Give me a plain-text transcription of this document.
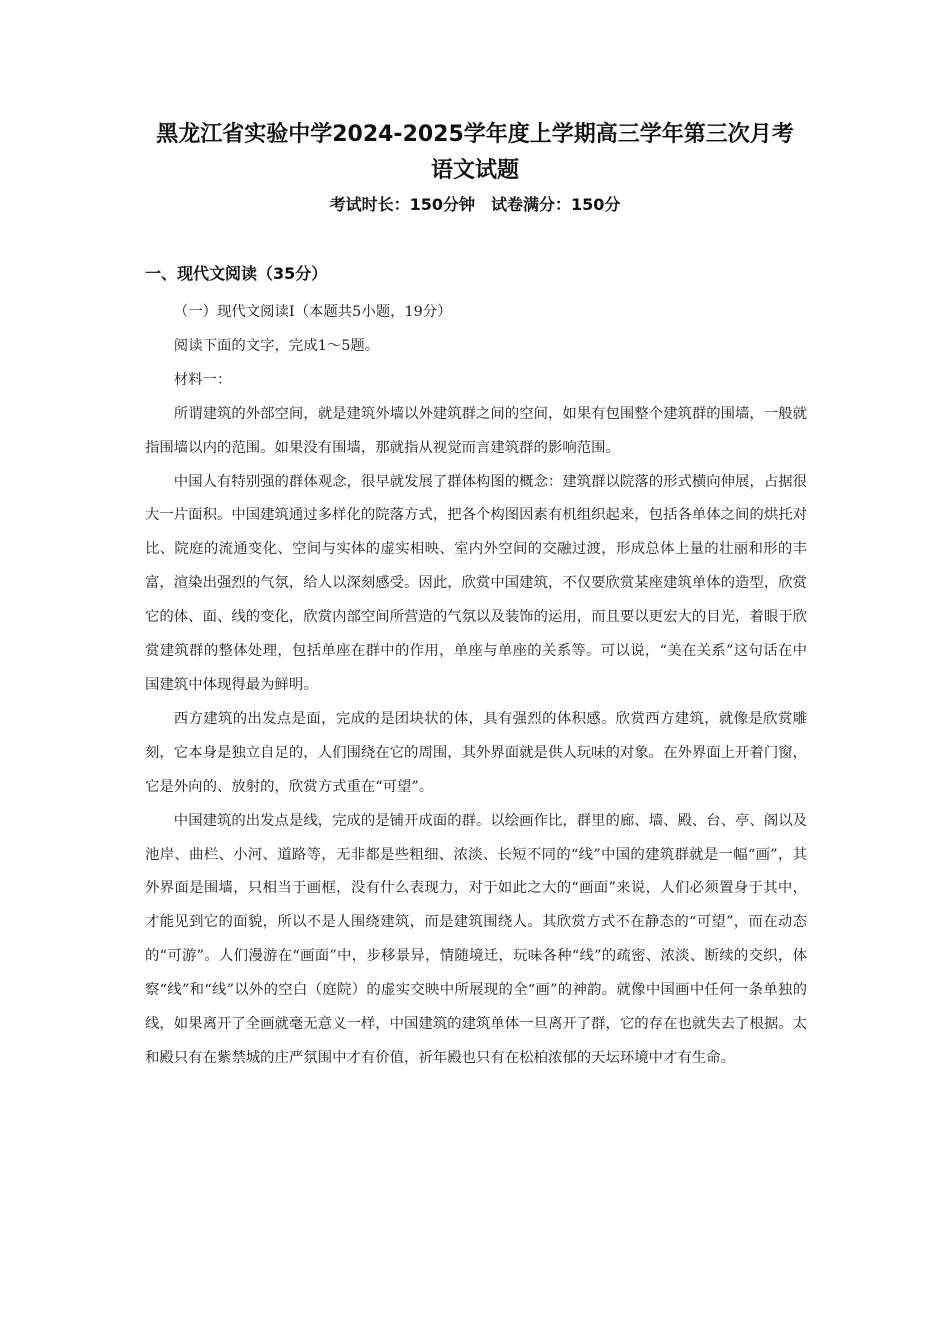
黑龙江省实验中学2024-2025学年度上学期高三学年第三次月考
语文试题
考试时长：150分钟　试卷满分：150分
一、现代文阅读（35分）

（一）现代文阅读Ⅰ（本题共5小题，19分）

阅读下面的文字，完成1～5题。

材料一：

所谓建筑的外部空间，就是建筑外墙以外建筑群之间的空间，如果有包围整个建筑群的围墙，一般就指围墙以内的范围。如果没有围墙，那就指从视觉而言建筑群的影响范围。

中国人有特别强的群体观念，很早就发展了群体构图的概念：建筑群以院落的形式横向伸展，占据很大一片面积。中国建筑通过多样化的院落方式，把各个构图因素有机组织起来，包括各单体之间的烘托对比、院庭的流通变化、空间与实体的虚实相映、室内外空间的交融过渡，形成总体上量的壮丽和形的丰富，渲染出强烈的气氛，给人以深刻感受。因此，欣赏中国建筑，不仅要欣赏某座建筑单体的造型，欣赏它的体、面、线的变化，欣赏内部空间所营造的气氛以及装饰的运用，而且要以更宏大的目光，着眼于欣赏建筑群的整体处理，包括单座在群中的作用，单座与单座的关系等。可以说，“美在关系”这句话在中国建筑中体现得最为鲜明。

西方建筑的出发点是面，完成的是团块状的体，具有强烈的体积感。欣赏西方建筑，就像是欣赏雕刻，它本身是独立自足的，人们围绕在它的周围，其外界面就是供人玩味的对象。在外界面上开着门窗，它是外向的、放射的，欣赏方式重在“可望”。

中国建筑的出发点是线，完成的是铺开成面的群。以绘画作比，群里的廊、墙、殿、台、亭、阁以及池岸、曲栏、小河、道路等，无非都是些粗细、浓淡、长短不同的“线”中国的建筑群就是一幅“画”，其外界面是围墙，只相当于画框，没有什么表现力，对于如此之大的“画面”来说，人们必须置身于其中，才能见到它的面貌，所以不是人围绕建筑，而是建筑围绕人。其欣赏方式不在静态的“可望”，而在动态的“可游”。人们漫游在“画面”中，步移景异，情随境迁，玩味各种“线”的疏密、浓淡、断续的交织，体察“线”和“线”以外的空白（庭院）的虚实交映中所展现的全“画”的神韵。就像中国画中任何一条单独的线，如果离开了全画就毫无意义一样，中国建筑的建筑单体一旦离开了群，它的存在也就失去了根据。太和殿只有在紫禁城的庄严氛围中才有价值，祈年殿也只有在松柏浓郁的天坛环境中才有生命。
